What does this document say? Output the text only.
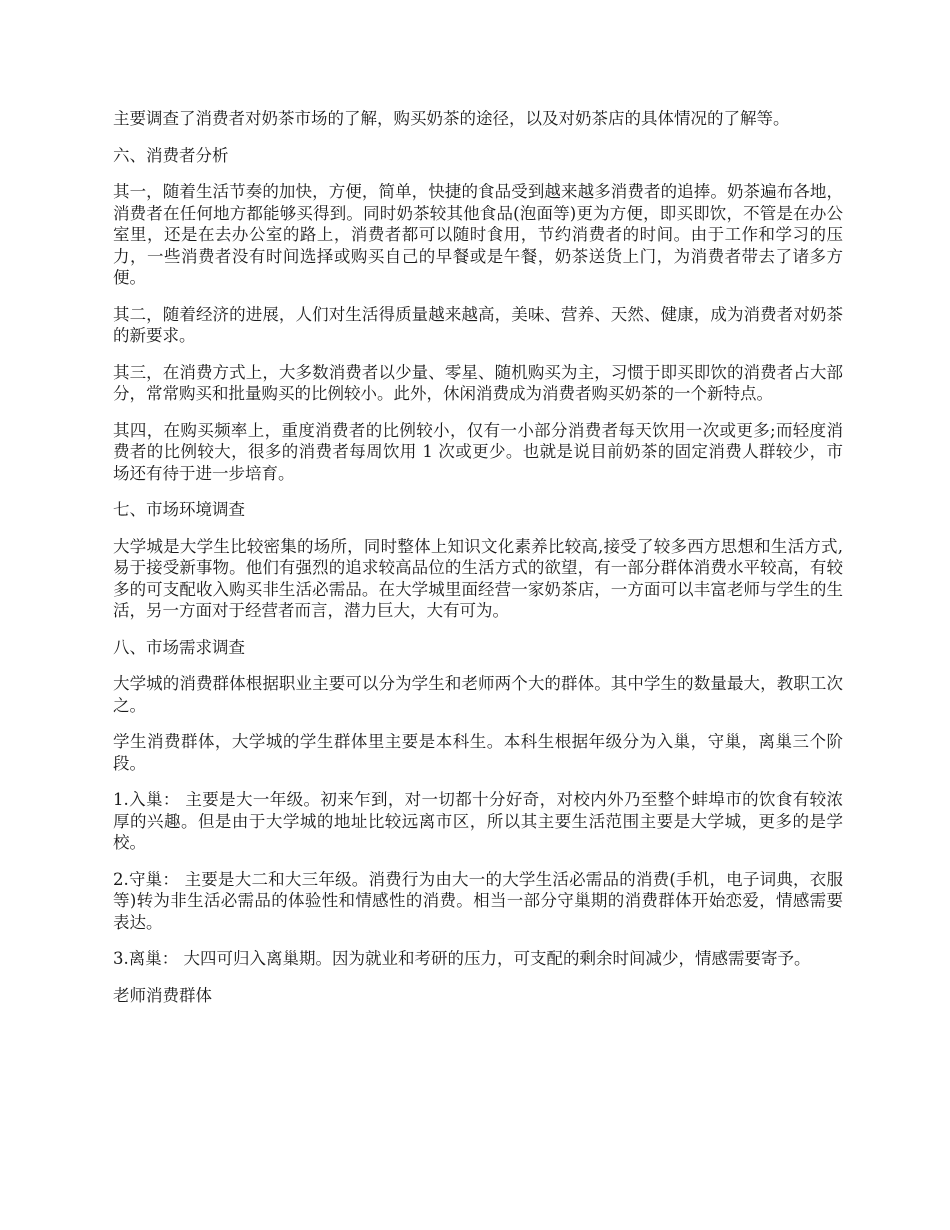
主要调查了消费者对奶茶市场的了解，购买奶茶的途径，以及对奶茶店的具体情况的了解等。

六、消费者分析

其一，随着生活节奏的加快，方便，简单，快捷的食品受到越来越多消费者的追捧。奶茶遍布各地，消费者在任何地方都能够买得到。同时奶茶较其他食品(泡面等)更为方便，即买即饮，不管是在办公室里，还是在去办公室的路上，消费者都可以随时食用，节约消费者的时间。由于工作和学习的压力，一些消费者没有时间选择或购买自己的早餐或是午餐，奶茶送货上门，为消费者带去了诸多方便。

其二，随着经济的进展，人们对生活得质量越来越高，美味、营养、天然、健康，成为消费者对奶茶的新要求。

其三，在消费方式上，大多数消费者以少量、零星、随机购买为主，习惯于即买即饮的消费者占大部分，常常购买和批量购买的比例较小。此外，休闲消费成为消费者购买奶茶的一个新特点。

其四，在购买频率上，重度消费者的比例较小，仅有一小部分消费者每天饮用一次或更多;而轻度消费者的比例较大，很多的消费者每周饮用 1 次或更少。也就是说目前奶茶的固定消费人群较少，市场还有待于进一步培育。

七、市场环境调查

大学城是大学生比较密集的场所，同时整体上知识文化素养比较高,接受了较多西方思想和生活方式,易于接受新事物。他们有强烈的追求较高品位的生活方式的欲望，有一部分群体消费水平较高，有较多的可支配收入购买非生活必需品。在大学城里面经营一家奶茶店，一方面可以丰富老师与学生的生活，另一方面对于经营者而言，潜力巨大，大有可为。

八、市场需求调查

大学城的消费群体根据职业主要可以分为学生和老师两个大的群体。其中学生的数量最大，教职工次之。

学生消费群体，大学城的学生群体里主要是本科生。本科生根据年级分为入巢，守巢，离巢三个阶段。

1.入巢： 主要是大一年级。初来乍到，对一切都十分好奇，对校内外乃至整个蚌埠市的饮食有较浓厚的兴趣。但是由于大学城的地址比较远离市区，所以其主要生活范围主要是大学城，更多的是学校。

2.守巢： 主要是大二和大三年级。消费行为由大一的大学生活必需品的消费(手机，电子词典，衣服等)转为非生活必需品的体验性和情感性的消费。相当一部分守巢期的消费群体开始恋爱，情感需要表达。

3.离巢： 大四可归入离巢期。因为就业和考研的压力，可支配的剩余时间减少，情感需要寄予。

老师消费群体
